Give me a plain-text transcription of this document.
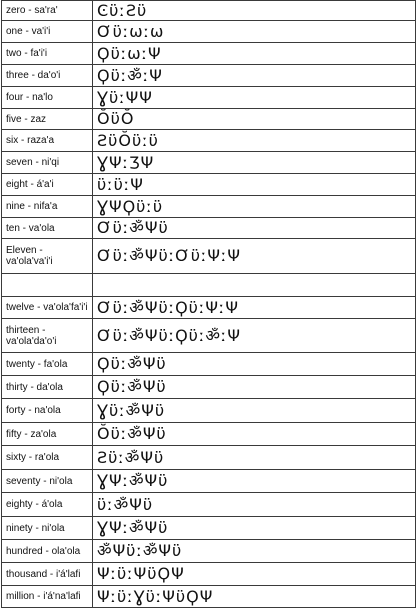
zero - sa'ra'	ϾϋːƧϋ
one - va'i'i	Ơϋːωːω
two - fa'i'i	ϘϋːωːΨ
three - da'o'i	ϘϋːॐːΨ
four - na'lo	ƔϋːΨΨ
five - zaz	ŎϋŎ
six - raza'a	ƧϋŎϋːϋ
seven - ni'qi	ƔΨːƷΨ
eight - á'a'i	ϋːϋːΨ
nine - nifa'a	ƔΨϘϋːϋ
ten - va'ola	ƠϋːॐΨϋ
Eleven - va'ola'va'i'i	ƠϋːॐΨϋːƠϋːΨːΨ

twelve - va'ola'fa'i'i	ƠϋːॐΨϋːϘϋːΨːΨ
thirteen - va'ola'da'o'i	ƠϋːॐΨϋːϘϋːॐːΨ
twenty - fa'ola	ϘϋːॐΨϋ
thirty - da'ola	ϘϋːॐΨϋ
forty - na'ola	ƔϋːॐΨϋ
fifty - za'ola	ŎϋːॐΨϋ
sixty - ra'ola	ƧϋːॐΨϋ
seventy - ni'ola	ƔΨːॐΨϋ
eighty - á'ola	ϋːॐΨϋ
ninety - ni'ola	ƔΨːॐΨϋ
hundred - ola'ola	ॐΨϋːॐΨϋ
thousand - i'á'lafi	ΨːϋːΨϋϘΨ
million - i'á'na'lafi	ΨːϋːƔϋːΨϋϘΨ
